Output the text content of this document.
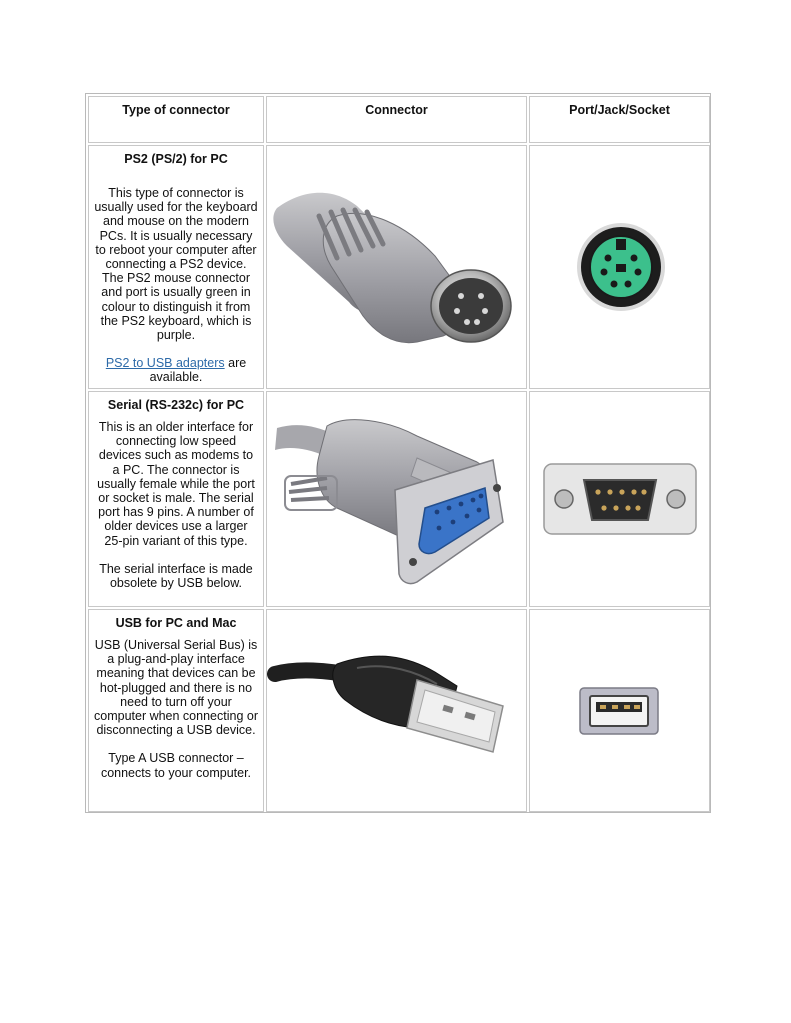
Type of connector	Connector	Port/Jack/Socket
PS2 (PS/2) for PC
This type of connector is usually used for the keyboard and mouse on the modern PCs. It is usually necessary to reboot your computer after connecting a PS2 device. The PS2 mouse connector and port is usually green in colour to distinguish it from the PS2 keyboard, which is purple.
PS2 to USB adapters are available.
Serial (RS-232c) for PC
This is an older interface for connecting low speed devices such as modems to a PC. The connector is usually female while the port or socket is male. The serial port has 9 pins. A number of older devices use a larger 25-pin variant of this type.
The serial interface is made obsolete by USB below.
USB for PC and Mac
USB (Universal Serial Bus) is a plug-and-play interface meaning that devices can be hot-plugged and there is no need to turn off your computer when connecting or disconnecting a USB device.
Type A USB connector – connects to your computer.
